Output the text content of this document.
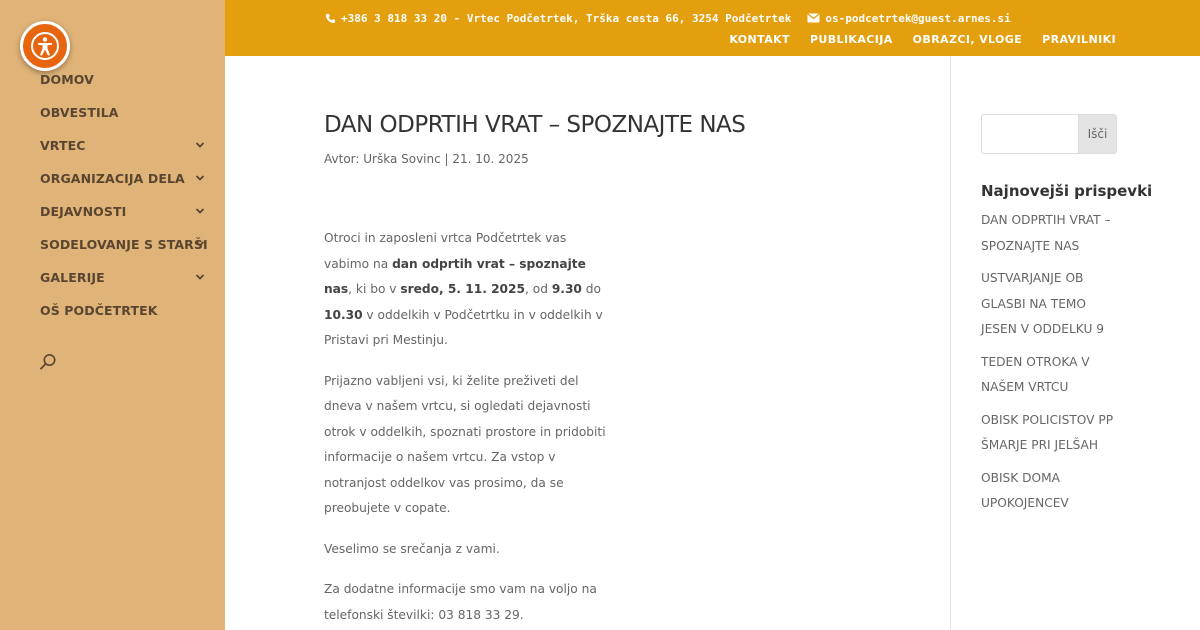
DOMOV
OBVESTILA
VRTEC
ORGANIZACIJA DELA
DEJAVNOSTI
SODELOVANJE S STARŠI
GALERIJE
OŠ PODČETRTEK
+386 3 818 33 20 - Vrtec Podčetrtek, Trška cesta 66, 3254 Podčetrtek	os-podcetrtek@guest.arnes.si
KONTAKT PUBLIKACIJA OBRAZCI, VLOGE PRAVILNIKI
DAN ODPRTIH VRAT – SPOZNAJTE NAS
Avtor: Urška Sovinc | 21. 10. 2025

Otroci in zaposleni vrtca Podčetrtek vas vabimo na dan odprtih vrat – spoznajte nas, ki bo v sredo, 5. 11. 2025, od 9.30 do 10.30 v oddelkih v Podčetrtku in v oddelkih v Pristavi pri Mestinju.

Prijazno vabljeni vsi, ki želite preživeti del dneva v našem vrtcu, si ogledati dejavnosti otrok v oddelkih, spoznati prostore in pridobiti informacije o našem vrtcu. Za vstop v notranjost oddelkov vas prosimo, da se preobujete v copate.

Veselimo se srečanja z vami.

Za dodatne informacije smo vam na voljo na telefonski številki: 03 818 33 29.

Išči
Najnovejši prispevki
DAN ODPRTIH VRAT – SPOZNAJTE NAS
USTVARJANJE OB GLASBI NA TEMO JESEN V ODDELKU 9
TEDEN OTROKA V NAŠEM VRTCU
OBISK POLICISTOV PP ŠMARJE PRI JELŠAH
OBISK DOMA UPOKOJENCEV
